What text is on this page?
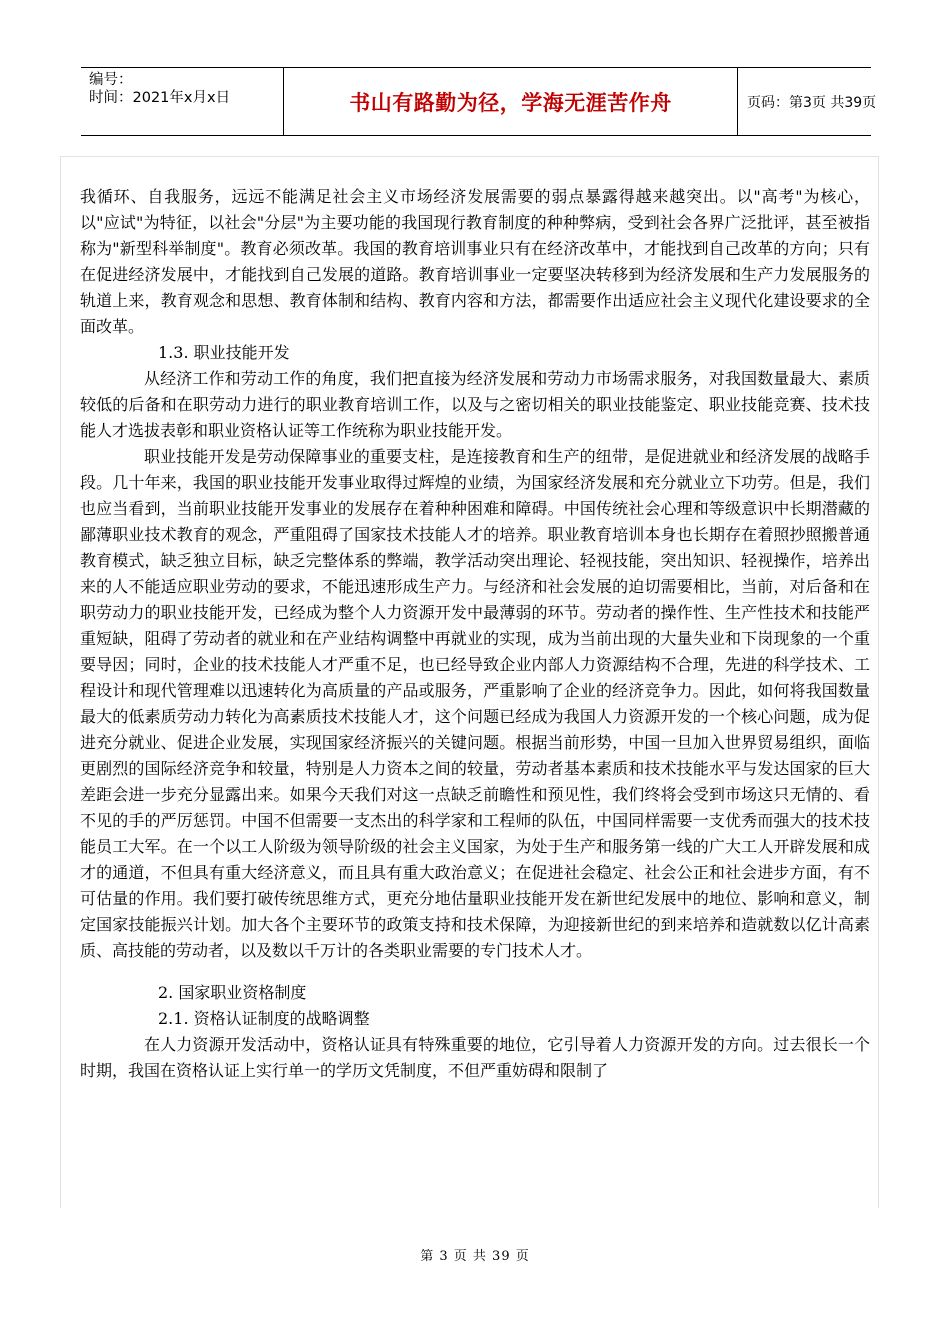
编号：
时间：2021年x月x日	书山有路勤为径，学海无涯苦作舟	页码：第3页 共39页

我循环、自我服务，远远不能满足社会主义市场经济发展需要的弱点暴露得越来越突出。以"高考"为核心，以"应试"为特征，以社会"分层"为主要功能的我国现行教育制度的种种弊病，受到社会各界广泛批评，甚至被指称为"新型科举制度"。教育必须改革。我国的教育培训事业只有在经济改革中，才能找到自己改革的方向；只有在促进经济发展中，才能找到自己发展的道路。教育培训事业一定要坚决转移到为经济发展和生产力发展服务的轨道上来，教育观念和思想、教育体制和结构、教育内容和方法，都需要作出适应社会主义现代化建设要求的全面改革。

1.3. 职业技能开发

从经济工作和劳动工作的角度，我们把直接为经济发展和劳动力市场需求服务，对我国数量最大、素质较低的后备和在职劳动力进行的职业教育培训工作，以及与之密切相关的职业技能鉴定、职业技能竞赛、技术技能人才选拔表彰和职业资格认证等工作统称为职业技能开发。

职业技能开发是劳动保障事业的重要支柱，是连接教育和生产的纽带，是促进就业和经济发展的战略手段。几十年来，我国的职业技能开发事业取得过辉煌的业绩，为国家经济发展和充分就业立下功劳。但是，我们也应当看到，当前职业技能开发事业的发展存在着种种困难和障碍。中国传统社会心理和等级意识中长期潜藏的鄙薄职业技术教育的观念，严重阻碍了国家技术技能人才的培养。职业教育培训本身也长期存在着照抄照搬普通教育模式，缺乏独立目标，缺乏完整体系的弊端，教学活动突出理论、轻视技能，突出知识、轻视操作，培养出来的人不能适应职业劳动的要求，不能迅速形成生产力。与经济和社会发展的迫切需要相比，当前，对后备和在职劳动力的职业技能开发，已经成为整个人力资源开发中最薄弱的环节。劳动者的操作性、生产性技术和技能严重短缺，阻碍了劳动者的就业和在产业结构调整中再就业的实现，成为当前出现的大量失业和下岗现象的一个重要导因；同时，企业的技术技能人才严重不足，也已经导致企业内部人力资源结构不合理，先进的科学技术、工程设计和现代管理难以迅速转化为高质量的产品或服务，严重影响了企业的经济竞争力。因此，如何将我国数量最大的低素质劳动力转化为高素质技术技能人才，这个问题已经成为我国人力资源开发的一个核心问题，成为促进充分就业、促进企业发展，实现国家经济振兴的关键问题。根据当前形势，中国一旦加入世界贸易组织，面临更剧烈的国际经济竞争和较量，特别是人力资本之间的较量，劳动者基本素质和技术技能水平与发达国家的巨大差距会进一步充分显露出来。如果今天我们对这一点缺乏前瞻性和预见性，我们终将会受到市场这只无情的、看不见的手的严厉惩罚。中国不但需要一支杰出的科学家和工程师的队伍，中国同样需要一支优秀而强大的技术技能员工大军。在一个以工人阶级为领导阶级的社会主义国家，为处于生产和服务第一线的广大工人开辟发展和成才的通道，不但具有重大经济意义，而且具有重大政治意义；在促进社会稳定、社会公正和社会进步方面，有不可估量的作用。我们要打破传统思维方式，更充分地估量职业技能开发在新世纪发展中的地位、影响和意义，制定国家技能振兴计划。加大各个主要环节的政策支持和技术保障，为迎接新世纪的到来培养和造就数以亿计高素质、高技能的劳动者，以及数以千万计的各类职业需要的专门技术人才。

2. 国家职业资格制度

2.1. 资格认证制度的战略调整

在人力资源开发活动中，资格认证具有特殊重要的地位，它引导着人力资源开发的方向。过去很长一个时期，我国在资格认证上实行单一的学历文凭制度，不但严重妨碍和限制了

第 3 页 共 39 页
